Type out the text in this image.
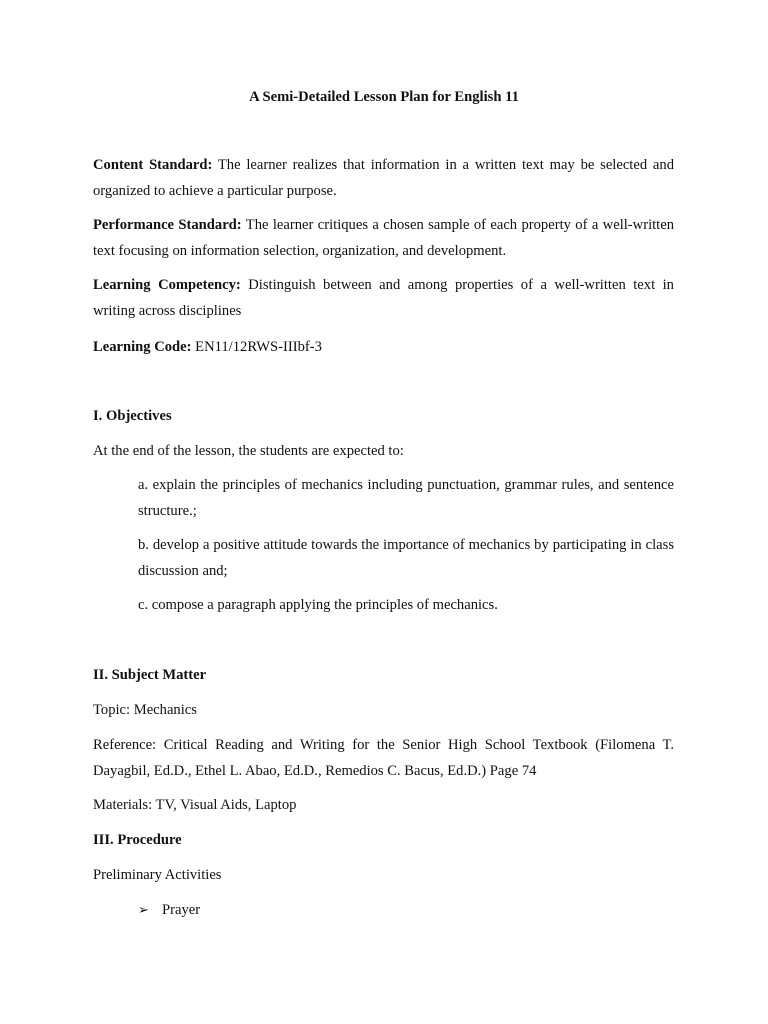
A Semi-Detailed Lesson Plan for English 11

Content Standard: The learner realizes that information in a written text may be selected and organized to achieve a particular purpose.

Performance Standard: The learner critiques a chosen sample of each property of a well-written text focusing on information selection, organization, and development.

Learning Competency: Distinguish between and among properties of a well-written text in writing across disciplines

Learning Code: EN11/12RWS-IIIbf-3

I. Objectives

At the end of the lesson, the students are expected to:

a. explain the principles of mechanics including punctuation, grammar rules, and sentence structure.;

b. develop a positive attitude towards the importance of mechanics by participating in class discussion and;

c. compose a paragraph applying the principles of mechanics.

II. Subject Matter

Topic: Mechanics

Reference: Critical Reading and Writing for the Senior High School Textbook (Filomena T. Dayagbil, Ed.D., Ethel L. Abao, Ed.D., Remedios C. Bacus, Ed.D.) Page 74

Materials: TV, Visual Aids, Laptop

III. Procedure

Preliminary Activities

➢ Prayer
